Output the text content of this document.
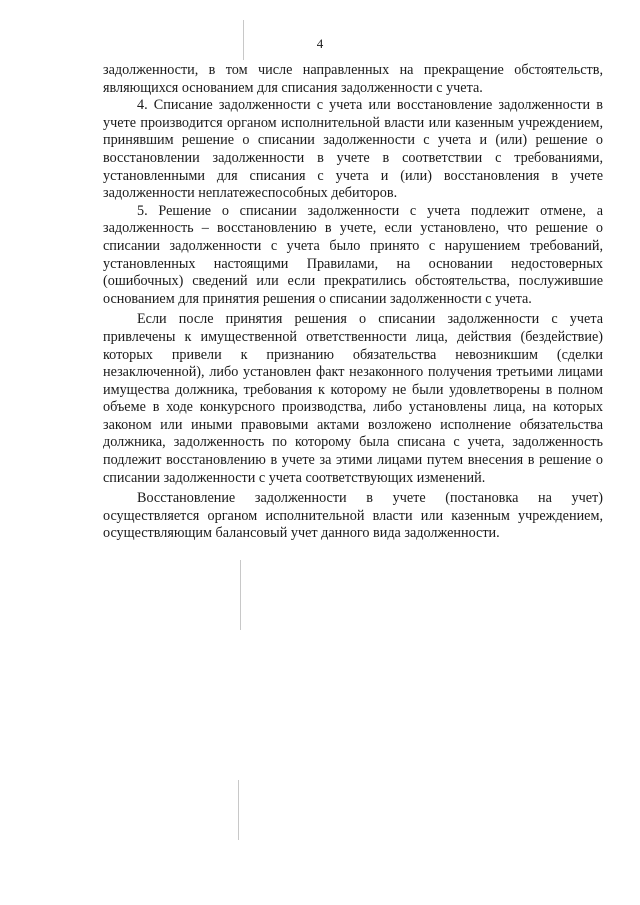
4

задолженности, в том числе направленных на прекращение обстоятельств, являющихся основанием для списания задолженности с учета.

4. Списание задолженности с учета или восстановление задолженности в учете производится органом исполнительной власти или казенным учреждением, принявшим решение о списании задолженности с учета и (или) решение о восстановлении задолженности в учете в соответствии с требованиями, установленными для списания с учета и (или) восстановления в учете задолженности неплатежеспособных дебиторов.

5. Решение о списании задолженности с учета подлежит отмене, а задолженность – восстановлению в учете, если установлено, что решение о списании задолженности с учета было принято с нарушением требований, установленных настоящими Правилами, на основании недостоверных (ошибочных) сведений или если прекратились обстоятельства, послужившие основанием для принятия решения о списании задолженности с учета.

Если после принятия решения о списании задолженности с учета привлечены к имущественной ответственности лица, действия (бездействие) которых привели к признанию обязательства невозникшим (сделки незаключенной), либо установлен факт незаконного получения третьими лицами имущества должника, требования к которому не были удовлетворены в полном объеме в ходе конкурсного производства, либо установлены лица, на которых законом или иными правовыми актами возложено исполнение обязательства должника, задолженность по которому была списана с учета, задолженность подлежит восстановлению в учете за этими лицами путем внесения в решение о списании задолженности с учета соответствующих изменений.

Восстановление задолженности в учете (постановка на учет) осуществляется органом исполнительной власти или казенным учреждением, осуществляющим балансовый учет данного вида задолженности.
